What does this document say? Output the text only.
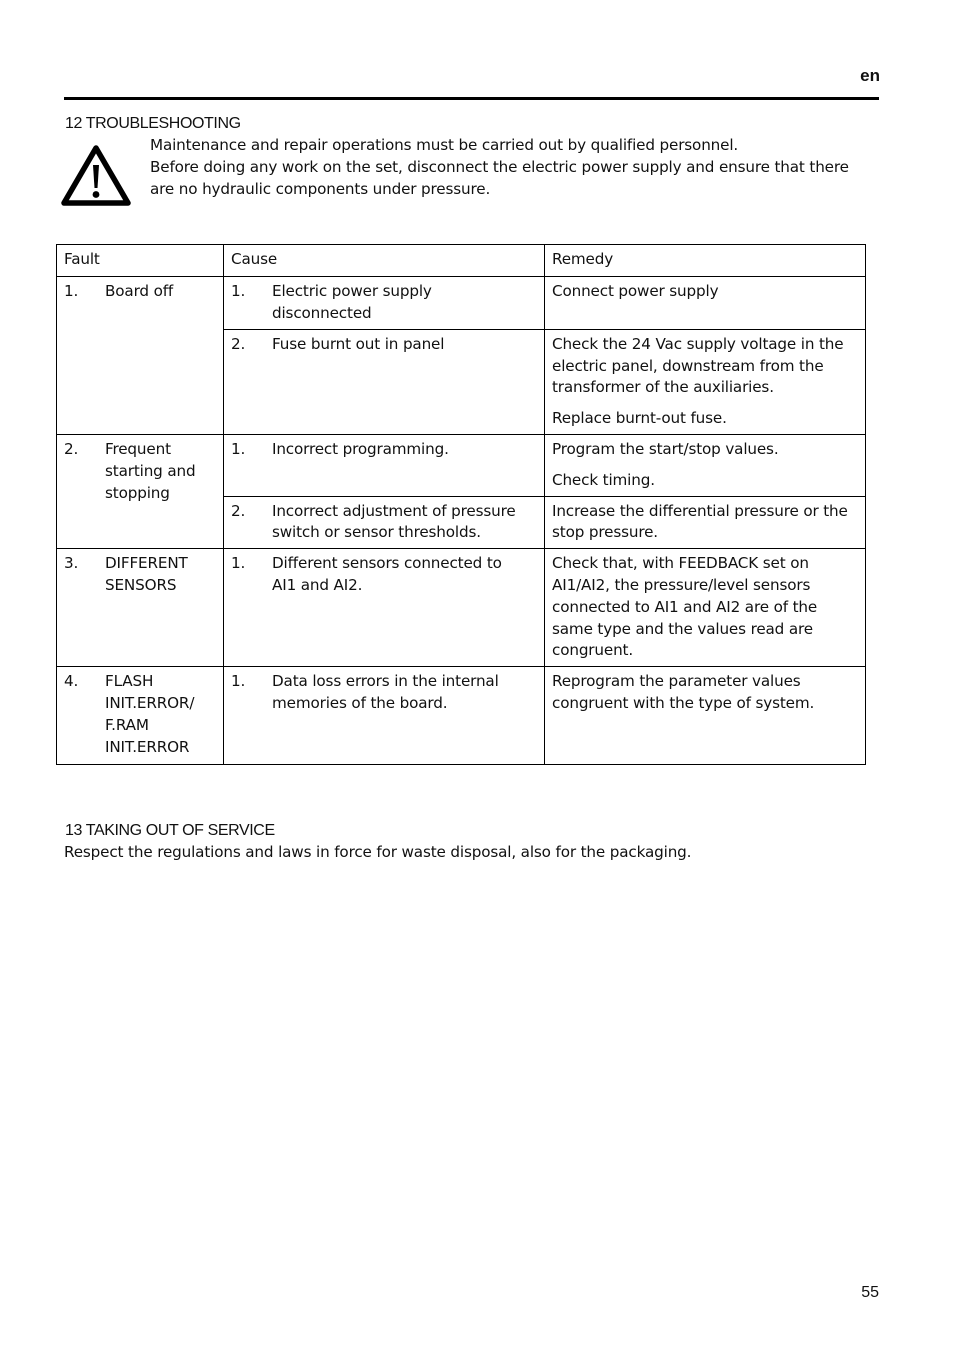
en
12 TROUBLESHOOTING
Maintenance and repair operations must be carried out by qualified personnel.
Before doing any work on the set, disconnect the electric power supply and ensure that there
are no hydraulic components under pressure.
Fault	Cause	Remedy
1. Board off	1. Electric power supply disconnected	Connect power supply

	2. Fuse burnt out in panel	Check the 24 Vac supply voltage in the electric panel, downstream from the transformer of the auxiliaries.

Replace burnt-out fuse.

2. Frequent starting and stopping	1. Incorrect programming.	Program the start/stop values.

Check timing.

	2. Incorrect adjustment of pressure switch or sensor thresholds.	Increase the differential pressure or the stop pressure.

3. DIFFERENT SENSORS	1. Different sensors connected to AI1 and AI2.	Check that, with FEEDBACK set on AI1/AI2, the pressure/level sensors connected to AI1 and AI2 are of the same type and the values read are congruent.

4. FLASH INIT.ERROR/ F.RAM INIT.ERROR	1. Data loss errors in the internal memories of the board.	Reprogram the parameter values congruent with the type of system.

13 TAKING OUT OF SERVICE
Respect the regulations and laws in force for waste disposal, also for the packaging.
55
